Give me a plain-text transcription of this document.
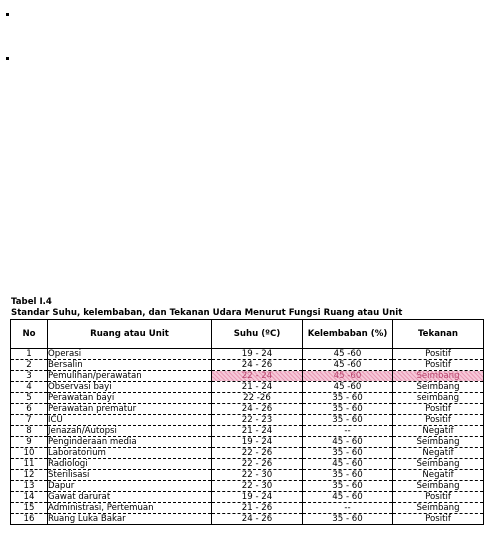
Tabel I.4
Standar Suhu, kelembaban, dan Tekanan Udara Menurut Fungsi Ruang atau Unit
No	Ruang atau Unit	Suhu (ºC)	Kelembaban (%)	Tekanan
1	Operasi	19 - 24	45 -60	Positif
2	Bersalin	24 - 26	45 -60	Positif
3	Pemulihan/perawatan	22 - 24	45 -60	Seimbang
4	Observasi bayi	21 - 24	45 -60	Seimbang
5	Perawatan bayi	22 -26	35 - 60	seimbang
6	Perawatan prematur	24 - 26	35 - 60	Positif
7	ICU	22 - 23	35 - 60	Positif
8	Jenazah/Autopsi	21 - 24	--	Negatif
9	Penginderaan media	19 - 24	45 - 60	Seimbang
10	Laboratorium	22 - 26	35 - 60	Negatif
11	Radiologi	22 - 26	45 - 60	Seimbang
12	Sterilisasi	22 - 30	35 - 60	Negatif
13	Dapur	22 - 30	35 - 60	Seimbang
14	Gawat darurat	19 - 24	45 - 60	Positif
15	Administrasi, Pertemuan	21 - 26	--	Seimbang
16	Ruang Luka Bakar	24 - 26	35 - 60	Positif
